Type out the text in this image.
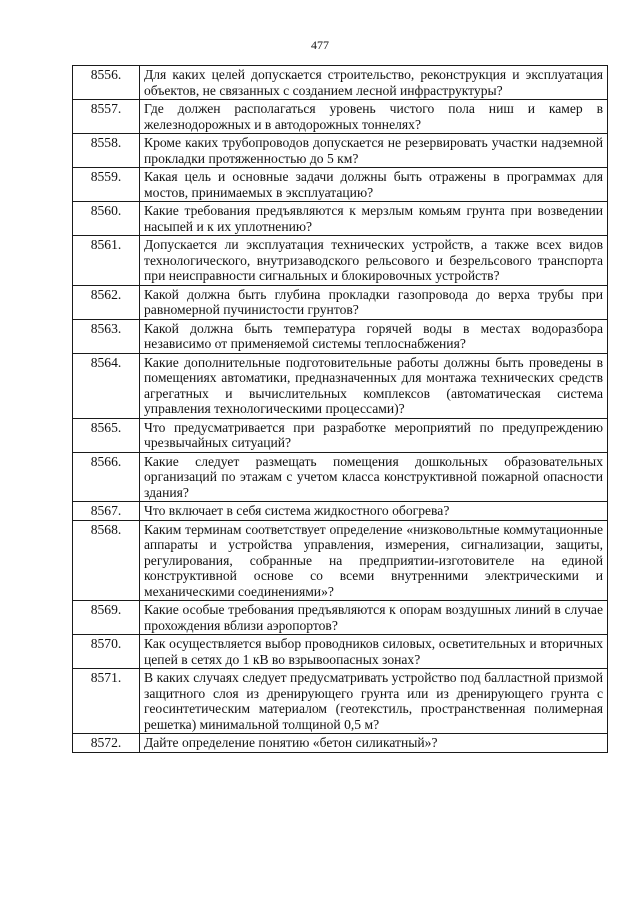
477
8556.	Для каких целей допускается строительство, реконструкция и эксплуатация объектов, не связанных с созданием лесной инфраструктуры?
8557.	Где должен располагаться уровень чистого пола ниш и камер в железнодорожных и в автодорожных тоннелях?
8558.	Кроме каких трубопроводов допускается не резервировать участки надземной прокладки протяженностью до 5 км?
8559.	Какая цель и основные задачи должны быть отражены в программах для мостов, принимаемых в эксплуатацию?
8560.	Какие требования предъявляются к мерзлым комьям грунта при возведении насыпей и к их уплотнению?
8561.	Допускается ли эксплуатация технических устройств, а также всех видов технологического, внутризаводского рельсового и безрельсового транспорта при неисправности сигнальных и блокировочных устройств?
8562.	Какой должна быть глубина прокладки газопровода до верха трубы при равномерной пучинистости грунтов?
8563.	Какой должна быть температура горячей воды в местах водоразбора независимо от применяемой системы теплоснабжения?
8564.	Какие дополнительные подготовительные работы должны быть проведены в помещениях автоматики, предназначенных для монтажа технических средств агрегатных и вычислительных комплексов (автоматическая система управления технологическими процессами)?
8565.	Что предусматривается при разработке мероприятий по предупреждению чрезвычайных ситуаций?
8566.	Какие следует размещать помещения дошкольных образовательных организаций по этажам с учетом класса конструктивной пожарной опасности здания?
8567.	Что включает в себя система жидкостного обогрева?
8568.	Каким терминам соответствует определение «низковольтные коммутационные аппараты и устройства управления, измерения, сигнализации, защиты, регулирования, собранные на предприятии-изготовителе на единой конструктивной основе со всеми внутренними электрическими и механическими соединениями»?
8569.	Какие особые требования предъявляются к опорам воздушных линий в случае прохождения вблизи аэропортов?
8570.	Как осуществляется выбор проводников силовых, осветительных и вторичных цепей в сетях до 1 кВ во взрывоопасных зонах?
8571.	В каких случаях следует предусматривать устройство под балластной призмой защитного слоя из дренирующего грунта или из дренирующего грунта с геосинтетическим материалом (геотекстиль, пространственная полимерная решетка) минимальной толщиной 0,5 м?
8572.	Дайте определение понятию «бетон силикатный»?
